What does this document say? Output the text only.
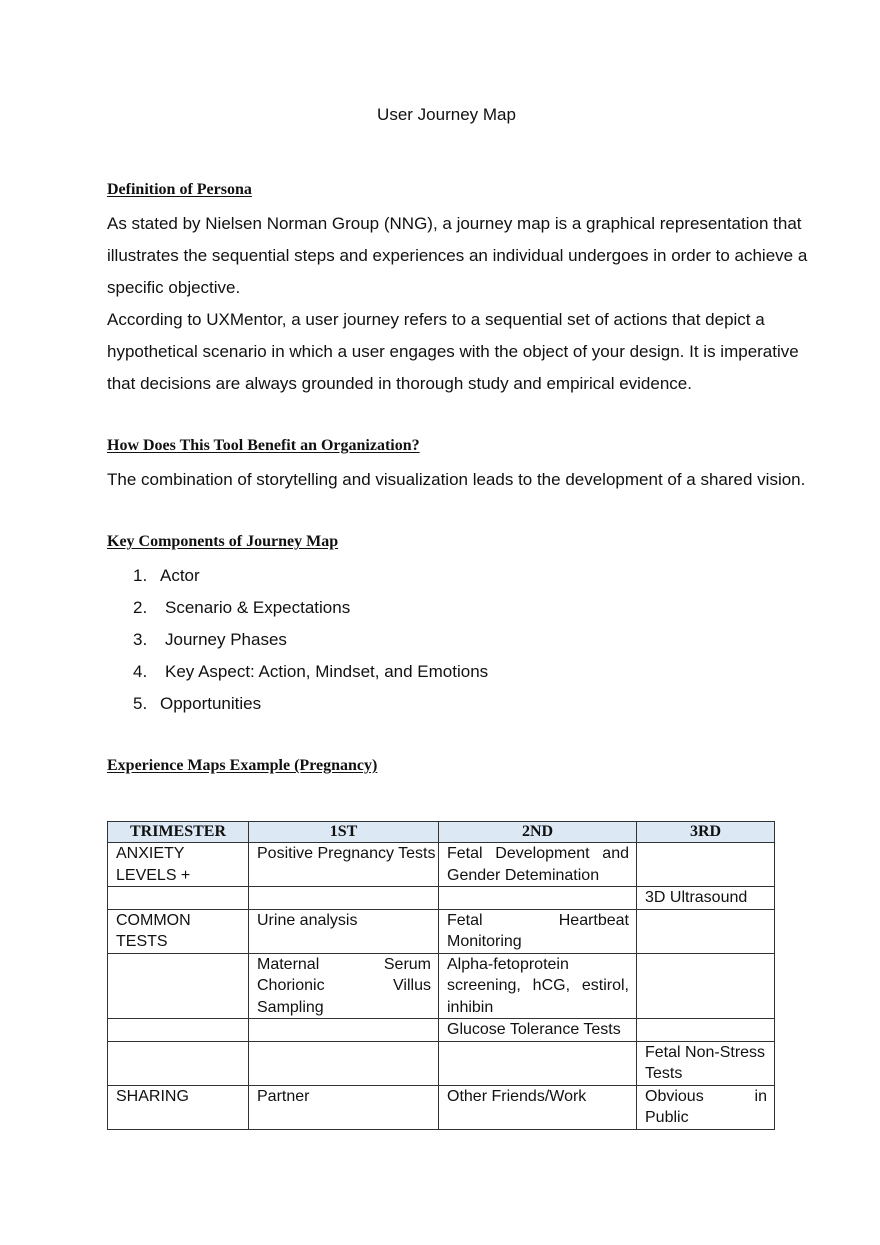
User Journey Map
Definition of Persona
As stated by Nielsen Norman Group (NNG), a journey map is a graphical representation that
illustrates the sequential steps and experiences an individual undergoes in order to achieve a
specific objective.
According to UXMentor, a user journey refers to a sequential set of actions that depict a
hypothetical scenario in which a user engages with the object of your design. It is imperative
that decisions are always grounded in thorough study and empirical evidence.
How Does This Tool Benefit an Organization?
The combination of storytelling and visualization leads to the development of a shared vision.
Key Components of Journey Map
1. Actor
2. Scenario & Expectations
3. Journey Phases
4. Key Aspect: Action, Mindset, and Emotions
5. Opportunities
Experience Maps Example (Pregnancy)
TRIMESTER	1ST	2ND	3RD
ANXIETY LEVELS +	Positive Pregnancy Tests	Fetal Development and Gender Detemination	
			3D Ultrasound
COMMON TESTS	Urine analysis	Fetal Heartbeat Monitoring	
	Maternal Serum Chorionic Villus Sampling	Alpha-fetoprotein screening, hCG, estirol, inhibin	
		Glucose Tolerance Tests	
			Fetal Non-Stress Tests
SHARING	Partner	Other Friends/Work	Obvious in Public
